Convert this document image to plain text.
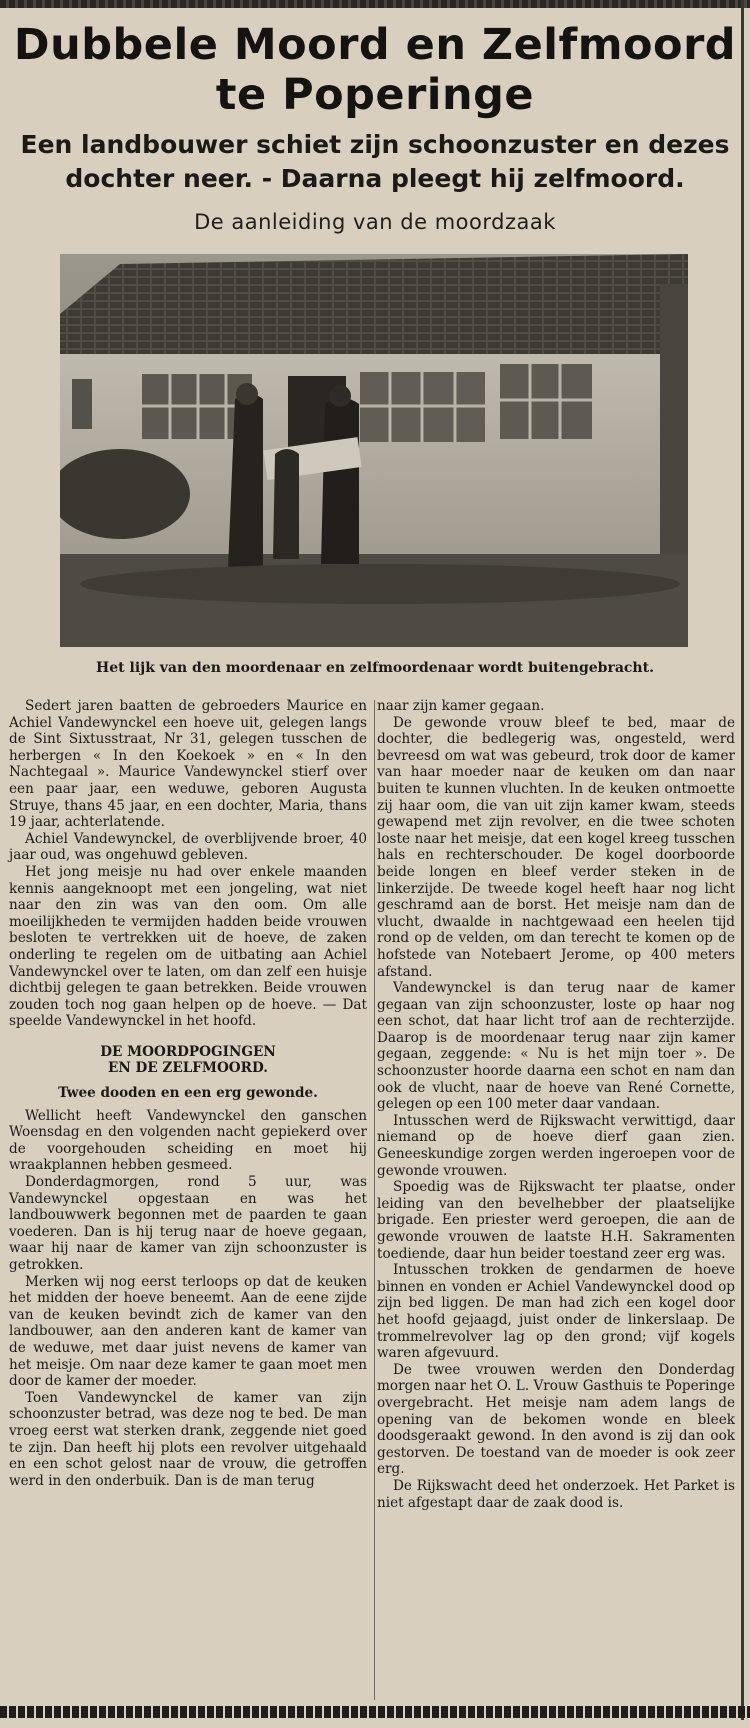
Dubbele Moord en Zelfmoord
te Poperinge
Een landbouwer schiet zijn schoonzuster en dezes
dochter neer. - Daarna pleegt hij zelfmoord.
De aanleiding van de moordzaak
Het lijk van den moordenaar en zelfmoordenaar wordt buitengebracht.

Sedert jaren baatten de gebroeders Maurice en Achiel Vandewynckel een hoeve uit, gelegen langs de Sint Sixtusstraat, Nr 31, gelegen tusschen de herbergen « In den Koekoek » en « In den Nachtegaal ». Maurice Vandewynckel stierf over een paar jaar, een weduwe, geboren Augusta Struye, thans 45 jaar, en een dochter, Maria, thans 19 jaar, achterlatende.

Achiel Vandewynckel, de overblijvende broer, 40 jaar oud, was ongehuwd gebleven.

Het jong meisje nu had over enkele maanden kennis aangeknoopt met een jongeling, wat niet naar den zin was van den oom. Om alle moeilijkheden te vermijden hadden beide vrouwen besloten te vertrekken uit de hoeve, de zaken onderling te regelen om de uitbating aan Achiel Vandewynckel over te laten, om dan zelf een huisje dichtbij gelegen te gaan betrekken. Beide vrouwen zouden toch nog gaan helpen op de hoeve. — Dat speelde Vandewynckel in het hoofd.

DE MOORDPOGINGEN
EN DE ZELFMOORD.
Twee dooden en een erg gewonde.

Wellicht heeft Vandewynckel den ganschen Woensdag en den volgenden nacht gepiekerd over de voorgehouden scheiding en moet hij wraakplannen hebben gesmeed.

Donderdagmorgen, rond 5 uur, was Vandewynckel opgestaan en was het landbouwwerk begonnen met de paarden te gaan voederen. Dan is hij terug naar de hoeve gegaan, waar hij naar de kamer van zijn schoonzuster is getrokken.

Merken wij nog eerst terloops op dat de keuken het midden der hoeve beneemt. Aan de eene zijde van de keuken bevindt zich de kamer van den landbouwer, aan den anderen kant de kamer van de weduwe, met daar juist nevens de kamer van het meisje. Om naar deze kamer te gaan moet men door de kamer der moeder.

Toen Vandewynckel de kamer van zijn schoonzuster betrad, was deze nog te bed. De man vroeg eerst wat sterken drank, zeggende niet goed te zijn. Dan heeft hij plots een revolver uitgehaald en een schot gelost naar de vrouw, die getroffen werd in den onderbuik. Dan is de man terug

naar zijn kamer gegaan.

De gewonde vrouw bleef te bed, maar de dochter, die bedlegerig was, ongesteld, werd bevreesd om wat was gebeurd, trok door de kamer van haar moeder naar de keuken om dan naar buiten te kunnen vluchten. In de keuken ontmoette zij haar oom, die van uit zijn kamer kwam, steeds gewapend met zijn revolver, en die twee schoten loste naar het meisje, dat een kogel kreeg tusschen hals en rechterschouder. De kogel doorboorde beide longen en bleef verder steken in de linkerzijde. De tweede kogel heeft haar nog licht geschramd aan de borst. Het meisje nam dan de vlucht, dwaalde in nachtgewaad een heelen tijd rond op de velden, om dan terecht te komen op de hofstede van Notebaert Jerome, op 400 meters afstand.

Vandewynckel is dan terug naar de kamer gegaan van zijn schoonzuster, loste op haar nog een schot, dat haar licht trof aan de rechterzijde. Daarop is de moordenaar terug naar zijn kamer gegaan, zeggende: « Nu is het mijn toer ». De schoonzuster hoorde daarna een schot en nam dan ook de vlucht, naar de hoeve van René Cornette, gelegen op een 100 meter daar vandaan.

Intusschen werd de Rijkswacht verwittigd, daar niemand op de hoeve dierf gaan zien. Geneeskundige zorgen werden ingeroepen voor de gewonde vrouwen.

Spoedig was de Rijkswacht ter plaatse, onder leiding van den bevelhebber der plaatselijke brigade. Een priester werd geroepen, die aan de gewonde vrouwen de laatste H.H. Sakramenten toediende, daar hun beider toestand zeer erg was.

Intusschen trokken de gendarmen de hoeve binnen en vonden er Achiel Vandewynckel dood op zijn bed liggen. De man had zich een kogel door het hoofd gejaagd, juist onder de linkerslaap. De trommelrevolver lag op den grond; vijf kogels waren afgevuurd.

De twee vrouwen werden den Donderdag morgen naar het O. L. Vrouw Gasthuis te Poperinge overgebracht. Het meisje nam adem langs de opening van de bekomen wonde en bleek doodsgeraakt gewond. In den avond is zij dan ook gestorven. De toestand van de moeder is ook zeer erg.

De Rijkswacht deed het onderzoek. Het Parket is niet afgestapt daar de zaak dood is.
